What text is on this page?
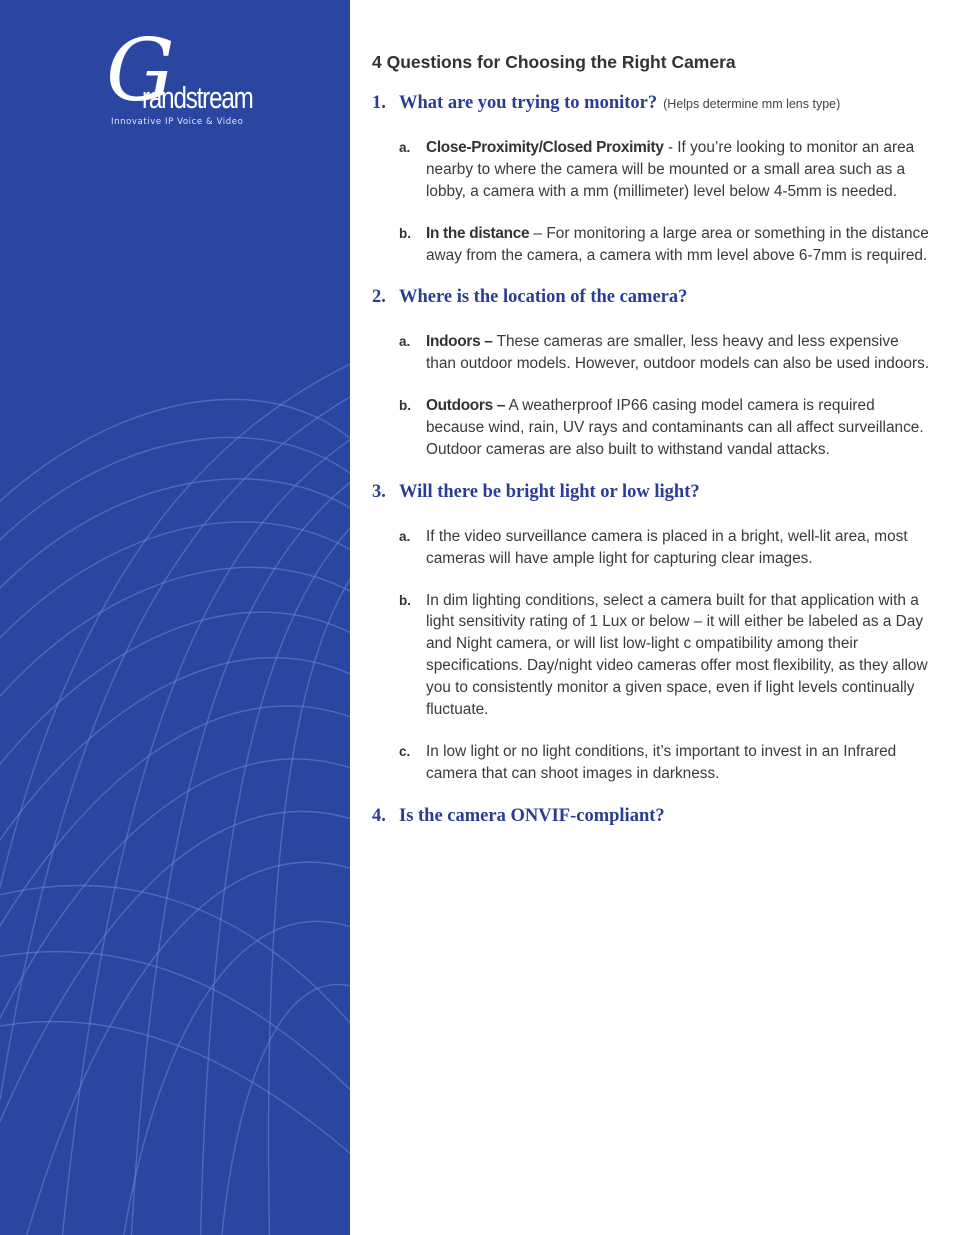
G
randstream
Innovative IP Voice & Video
4 Questions for Choosing the Right Camera
1. What are you trying to monitor? (Helps determine mm lens type)
a. Close-Proximity/Closed Proximity - If you’re looking to monitor an area nearby to where the camera will be mounted or a small area such as a lobby, a camera with a mm (millimeter) level below 4-5mm is needed.
b. In the distance – For monitoring a large area or something in the distance away from the camera, a camera with mm level above 6-7mm is required.
2. Where is the location of the camera?
a. Indoors – These cameras are smaller, less heavy and less expensive than outdoor models. However, outdoor models can also be used indoors.
b. Outdoors – A weatherproof IP66 casing model camera is required because wind, rain, UV rays and contaminants can all affect surveillance. Outdoor cameras are also built to withstand vandal attacks.
3. Will there be bright light or low light?
a. If the video surveillance camera is placed in a bright, well-lit area, most cameras will have ample light for capturing clear images.
b. In dim lighting conditions, select a camera built for that application with a light sensitivity rating of 1 Lux or below – it will either be labeled as a Day and Night camera, or will list low-light c ompatibility among their specifications. Day/night video cameras offer most flexibility, as they allow you to consistently monitor a given space, even if light levels continually fluctuate.
c. In low light or no light conditions, it’s important to invest in an Infrared camera that can shoot images in darkness.
4. Is the camera ONVIF-compliant?
